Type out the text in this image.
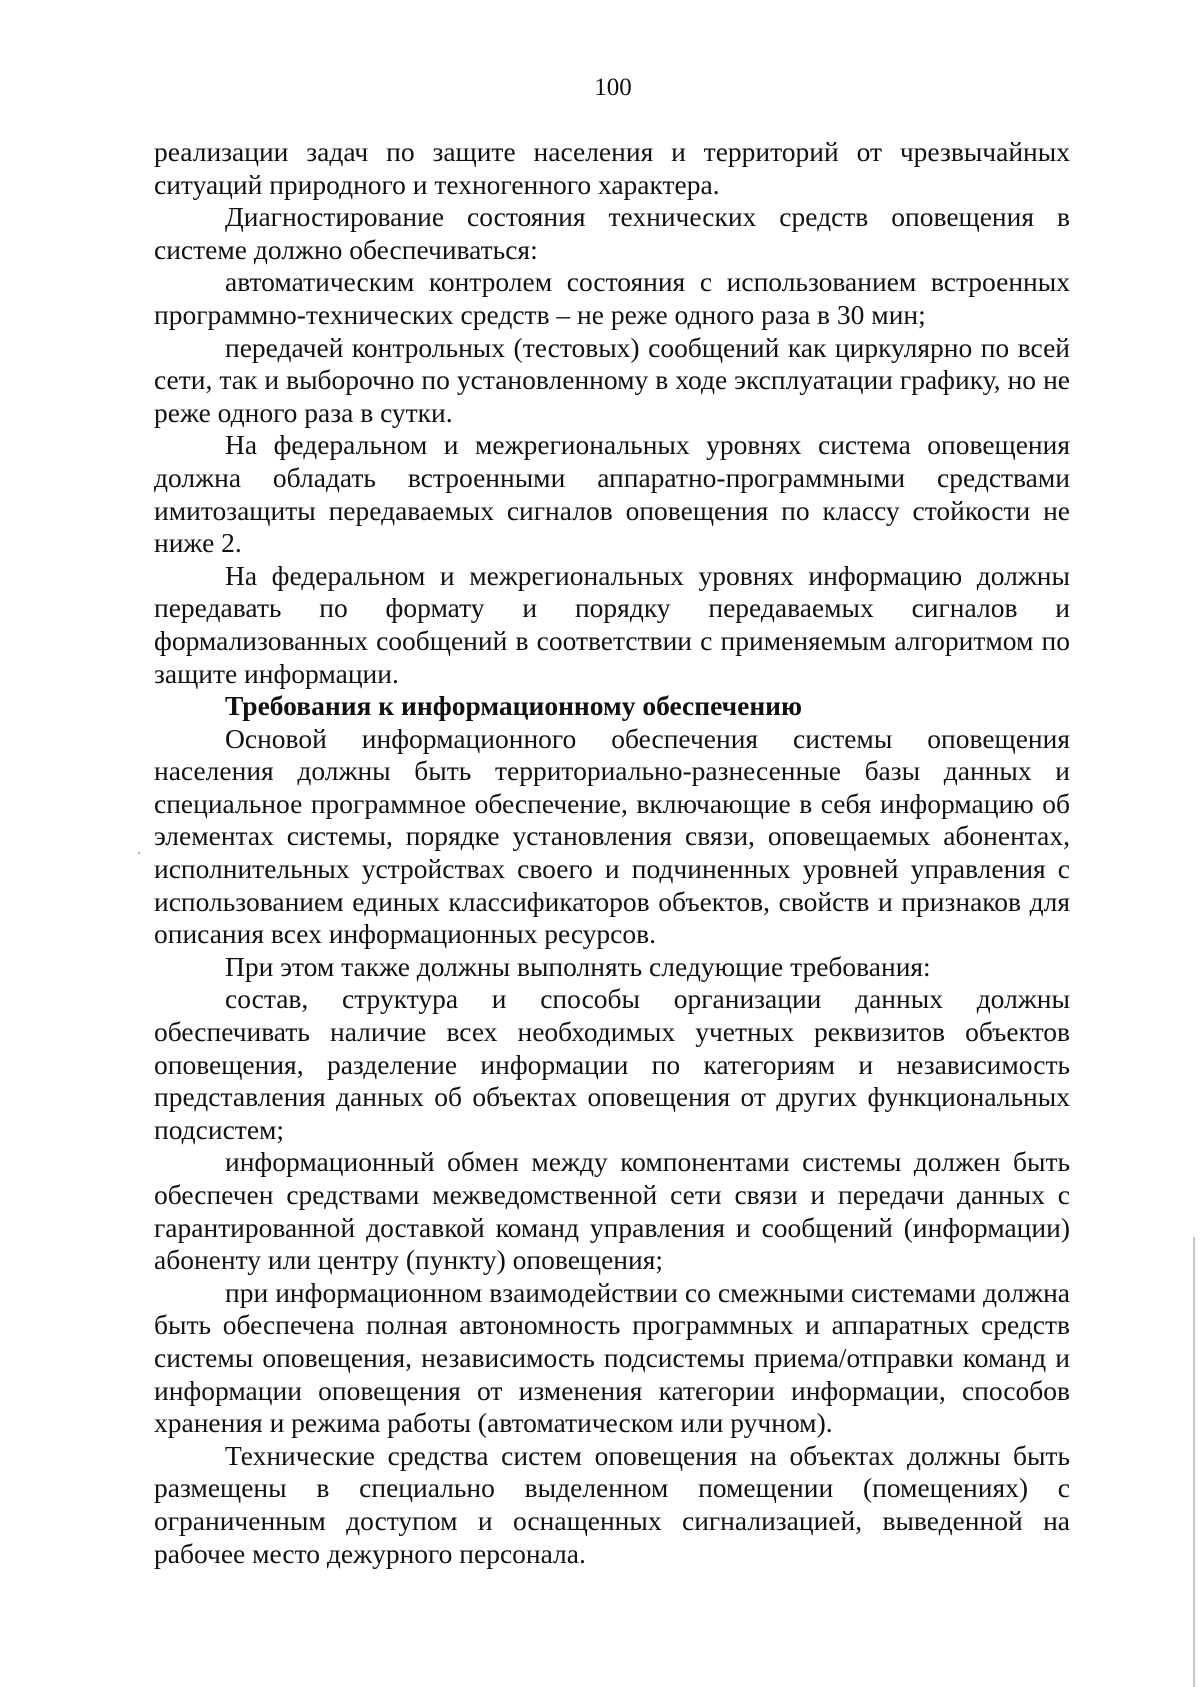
100

реализации задач по защите населения и территорий от чрезвычайных ситуаций природного и техногенного характера.

Диагностирование состояния технических средств оповещения в системе должно обеспечиваться:

автоматическим контролем состояния с использованием встроенных программно-технических средств – не реже одного раза в 30 мин;

передачей контрольных (тестовых) сообщений как циркулярно по всей сети, так и выборочно по установленному в ходе эксплуатации графику, но не реже одного раза в сутки.

На федеральном и межрегиональных уровнях система оповещения должна обладать встроенными аппаратно-программными средствами имитозащиты передаваемых сигналов оповещения по классу стойкости не ниже 2.

На федеральном и межрегиональных уровнях информацию должны передавать по формату и порядку передаваемых сигналов и формализованных сообщений в соответствии с применяемым алгоритмом по защите информации.

Требования к информационному обеспечению

Основой информационного обеспечения системы оповещения населения должны быть территориально-разнесенные базы данных и специальное программное обеспечение, включающие в себя информацию об элементах системы, порядке установления связи, оповещаемых абонентах, исполнительных устройствах своего и подчиненных уровней управления с использованием единых классификаторов объектов, свойств и признаков для описания всех информационных ресурсов.

При этом также должны выполнять следующие требования:

состав, структура и способы организации данных должны обеспечивать наличие всех необходимых учетных реквизитов объектов оповещения, разделение информации по категориям и независимость представления данных об объектах оповещения от других функциональных подсистем;

информационный обмен между компонентами системы должен быть обеспечен средствами межведомственной сети связи и передачи данных с гарантированной доставкой команд управления и сообщений (информации) абоненту или центру (пункту) оповещения;

при информационном взаимодействии со смежными системами должна быть обеспечена полная автономность программных и аппаратных средств системы оповещения, независимость подсистемы приема/отправки команд и информации оповещения от изменения категории информации, способов хранения и режима работы (автоматическом или ручном).

Технические средства систем оповещения на объектах должны быть размещены в специально выделенном помещении (помещениях) с ограниченным доступом и оснащенных сигнализацией, выведенной на рабочее место дежурного персонала.
